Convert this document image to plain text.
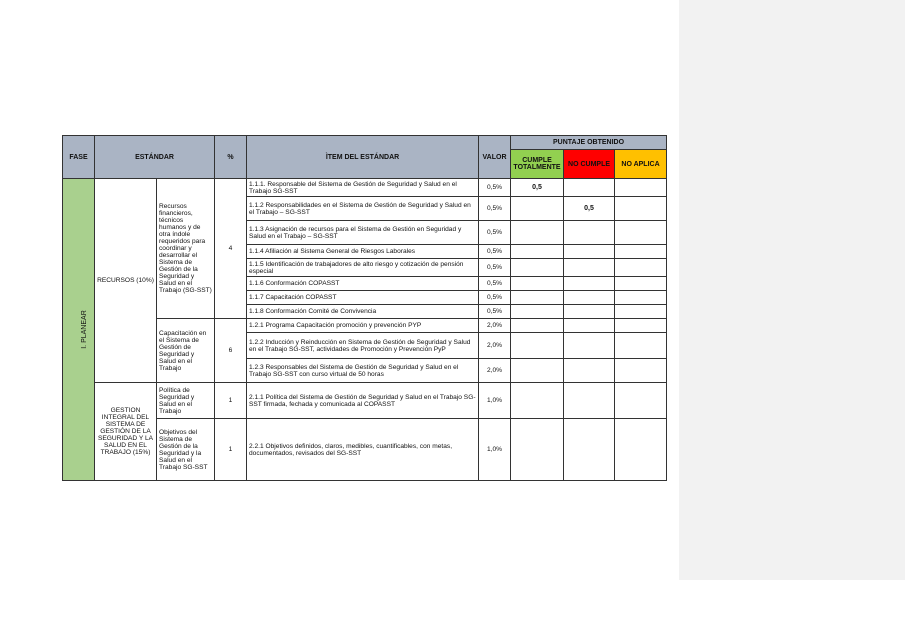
FASE	ESTÁNDAR		%	ÌTEM DEL ESTÁNDAR	VALOR	PUNTAJE OBTENIDO		
						CUMPLE TOTALMENTE	NO CUMPLE	NO APLICA
I. PLANEAR	RECURSOS (10%)	Recursos financieros, técnicos humanos y de otra índole requeridos para coordinar y desarrollar el Sistema de Gestión de la Seguridad y Salud en el Trabajo (SG-SST)	4	1.1.1. Responsable del Sistema de Gestión de Seguridad y Salud en el Trabajo SG-SST	0,5%	0,5		
				1.1.2 Responsabilidades en el Sistema de Gestión de Seguridad y Salud en el Trabajo – SG-SST	0,5%		0,5	
				1.1.3 Asignación de recursos para el Sistema de Gestión en Seguridad y Salud en el Trabajo – SG-SST	0,5%			
				1.1.4 Afiliación al Sistema General de Riesgos Laborales	0,5%			
				1.1.5 Identificación de trabajadores de alto riesgo y cotización de pensión especial	0,5%			
				1.1.6 Conformación COPASST	0,5%			
				1.1.7 Capacitación COPASST	0,5%			
				1.1.8 Conformación Comité de Convivencia	0,5%			
		Capacitación en el Sistema de Gestión de Seguridad y Salud en el Trabajo	6	1.2.1 Programa Capacitación promoción y prevención PYP	2,0%			
				1.2.2 Inducción y Reinducción en Sistema de Gestión de Seguridad y Salud en el Trabajo SG-SST, actividades de Promoción y Prevención PyP	2,0%			
				1.2.3 Responsables del Sistema de Gestión de Seguridad y Salud en el Trabajo SG-SST con curso virtual de 50 horas	2,0%			
	GESTION INTEGRAL DEL SISTEMA DE GESTIÓN DE LA SEGURIDAD Y LA SALUD EN EL TRABAJO (15%)	Política de Seguridad y Salud en el Trabajo	1	2.1.1 Política del Sistema de Gestión de Seguridad y Salud en el Trabajo SG-SST firmada, fechada y comunicada al COPASST	1,0%			
		Objetivos del Sistema de Gestión de la Seguridad y la Salud en el Trabajo SG-SST	1	2.2.1 Objetivos definidos, claros, medibles, cuantificables, con metas, documentados, revisados del SG-SST	1,0%			
